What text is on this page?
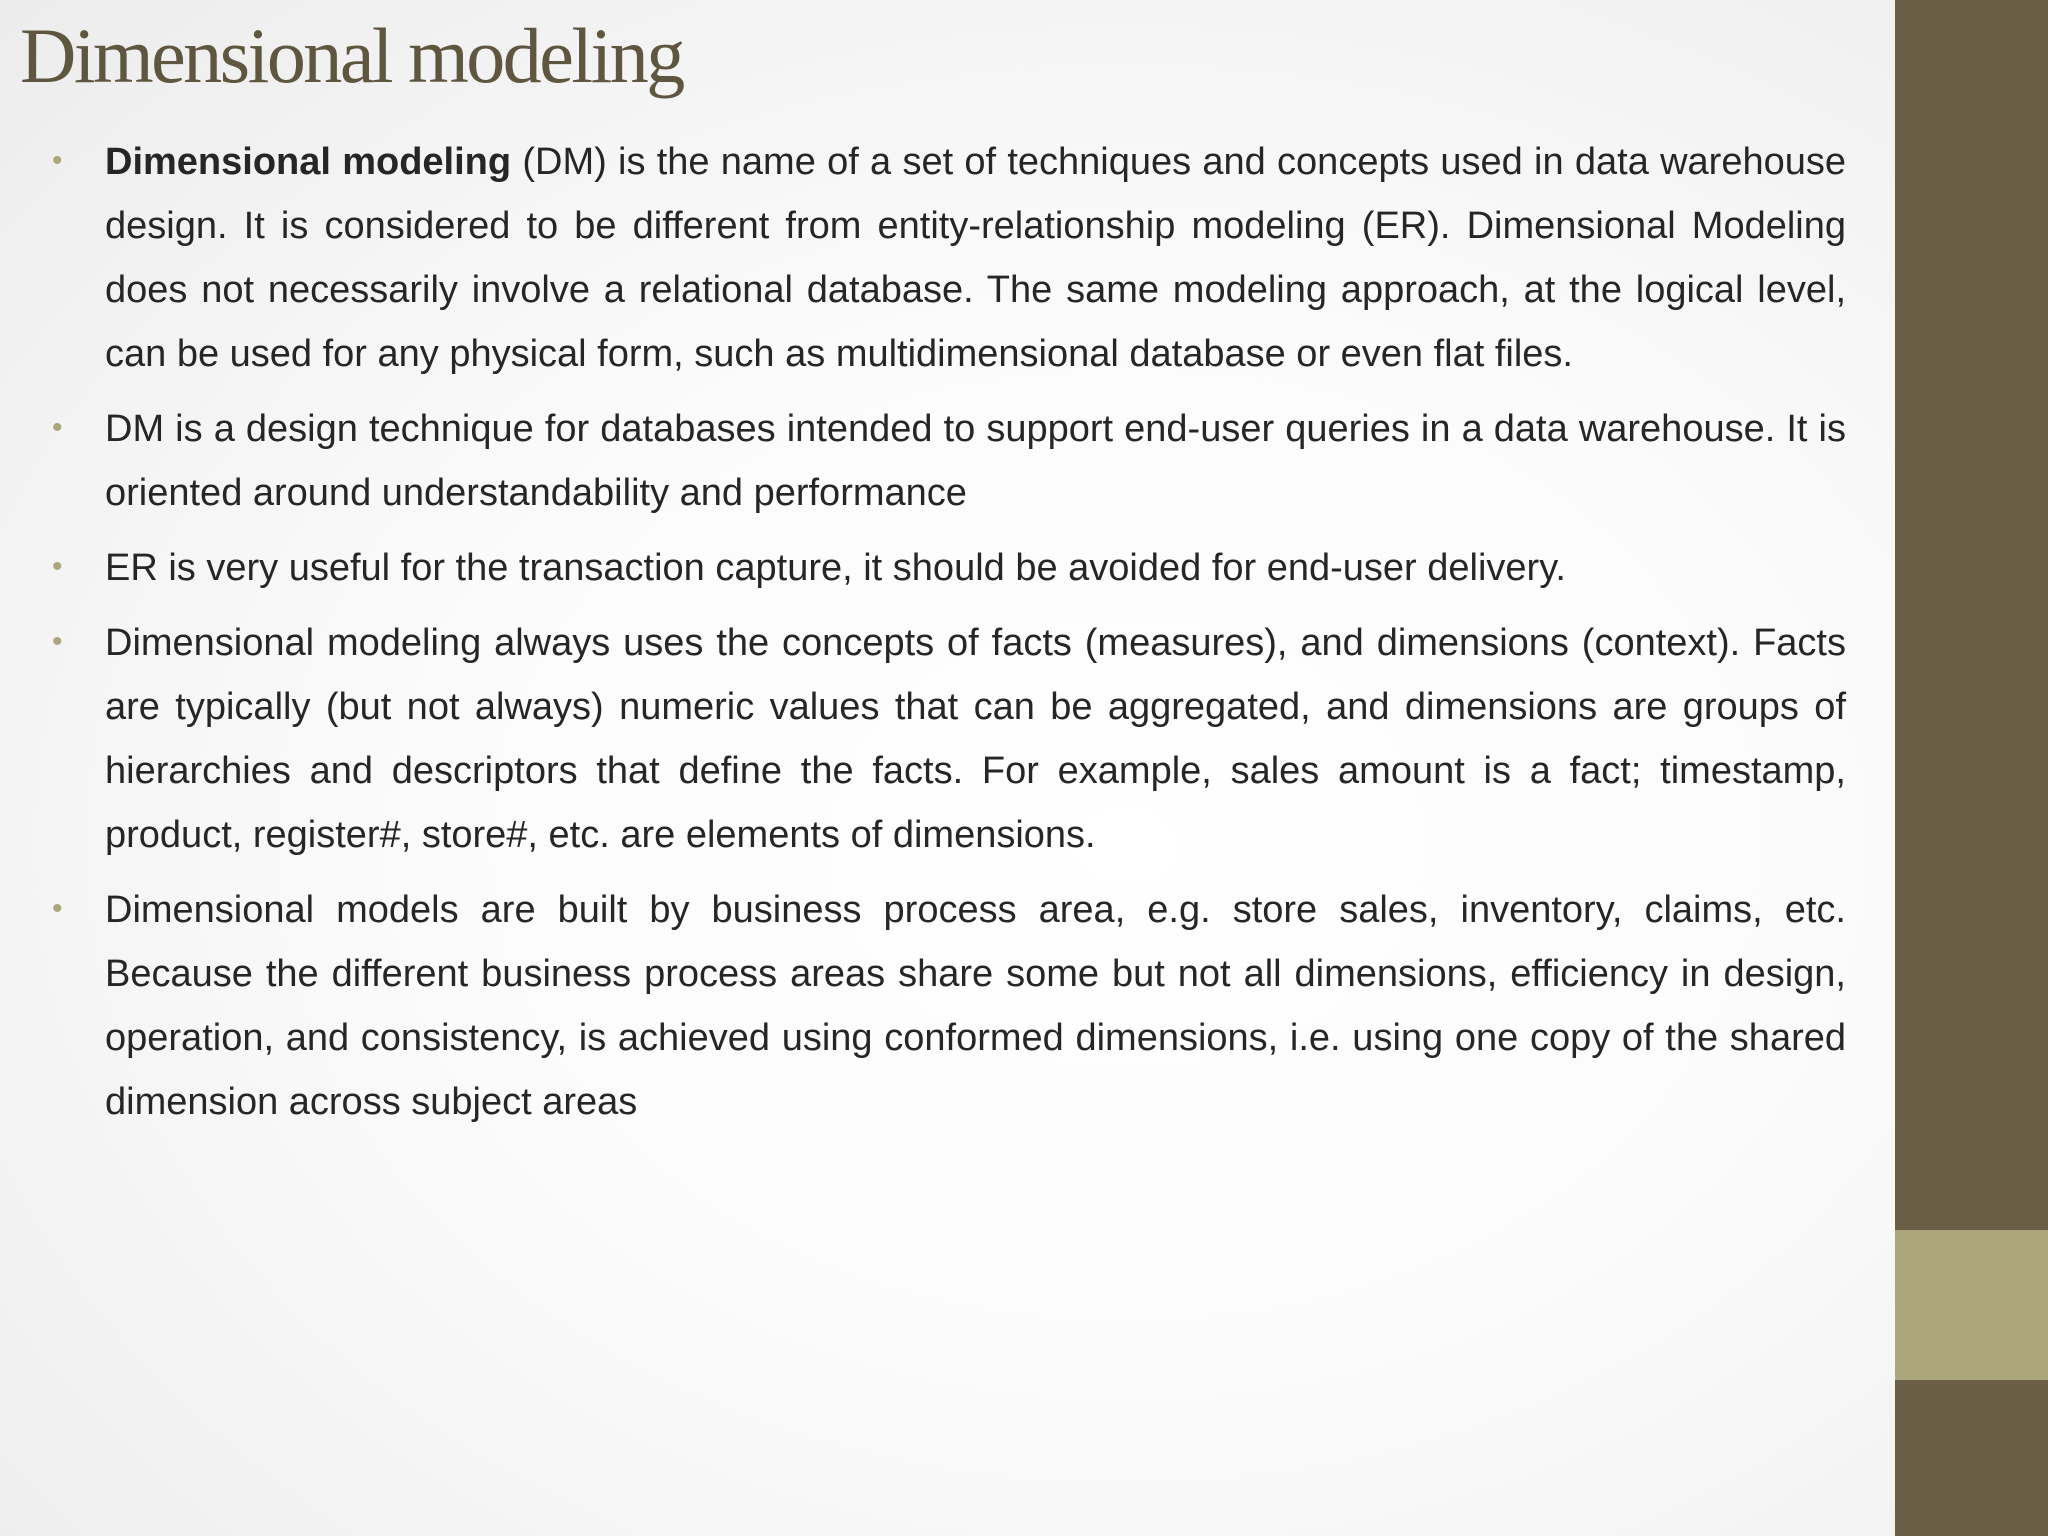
Dimensional modeling
• Dimensional modeling (DM) is the name of a set of techniques and concepts used in data warehouse design. It is considered to be different from entity-relationship modeling (ER). Dimensional Modeling does not necessarily involve a relational database. The same modeling approach, at the logical level, can be used for any physical form, such as multidimensional database or even flat files.

• DM is a design technique for databases intended to support end-user queries in a data warehouse. It is oriented around understandability and performance

• ER is very useful for the transaction capture, it should be avoided for end-user delivery.

• Dimensional modeling always uses the concepts of facts (measures), and dimensions (context). Facts are typically (but not always) numeric values that can be aggregated, and dimensions are groups of hierarchies and descriptors that define the facts. For example, sales amount is a fact; timestamp, product, register#, store#, etc. are elements of dimensions.

• Dimensional models are built by business process area, e.g. store sales, inventory, claims, etc. Because the different business process areas share some but not all dimensions, efficiency in design, operation, and consistency, is achieved using conformed dimensions, i.e. using one copy of the shared dimension across subject areas
